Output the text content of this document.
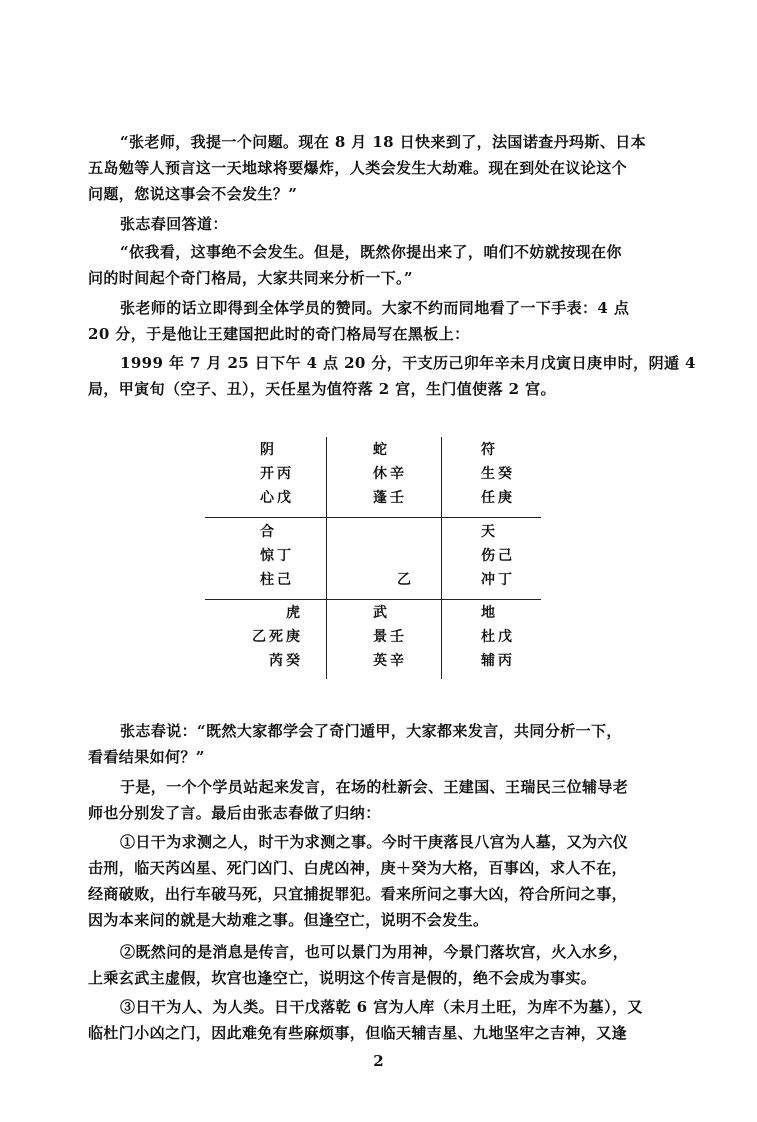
“张老师，我提一个问题。现在 8 月 18 日快来到了，法国诺查丹玛斯、日本
五岛勉等人预言这一天地球将要爆炸，人类会发生大劫难。现在到处在议论这个
问题，您说这事会不会发生？”

张志春回答道：

“依我看，这事绝不会发生。但是，既然你提出来了，咱们不妨就按现在你
问的时间起个奇门格局，大家共同来分析一下。”

张老师的话立即得到全体学员的赞同。大家不约而同地看了一下手表：4 点
20 分，于是他让王建国把此时的奇门格局写在黑板上：

1999 年 7 月 25 日下午 4 点 20 分，干支历己卯年辛未月戊寅日庚申时，阴遁 4
局，甲寅旬（空子、丑），天任星为值符落 2 宫，生门值使落 2 宫。

阴
开丙
心戊
蛇
休辛
蓬壬
符
生癸
任庚
合
惊丁
柱己	乙
天
伤己
冲丁
虎
乙死庚
芮癸
武
景壬
英辛
地
杜戊
辅丙

张志春说：“既然大家都学会了奇门遁甲，大家都来发言，共同分析一下，
看看结果如何？”

于是，一个个学员站起来发言，在场的杜新会、王建国、王瑞民三位辅导老
师也分别发了言。最后由张志春做了归纳：

①日干为求测之人，时干为求测之事。今时干庚落艮八宫为人墓，又为六仪
击刑，临天芮凶星、死门凶门、白虎凶神，庚＋癸为大格，百事凶，求人不在，
经商破败，出行车破马死，只宜捕捉罪犯。看来所问之事大凶，符合所问之事，
因为本来问的就是大劫难之事。但逢空亡，说明不会发生。

②既然问的是消息是传言，也可以景门为用神，今景门落坎宫，火入水乡，
上乘玄武主虚假，坎宫也逢空亡，说明这个传言是假的，绝不会成为事实。

③日干为人、为人类。日干戊落乾 6 宫为人库（未月土旺，为库不为墓），又
临杜门小凶之门，因此难免有些麻烦事，但临天辅吉星、九地坚牢之吉神，又逢

2
